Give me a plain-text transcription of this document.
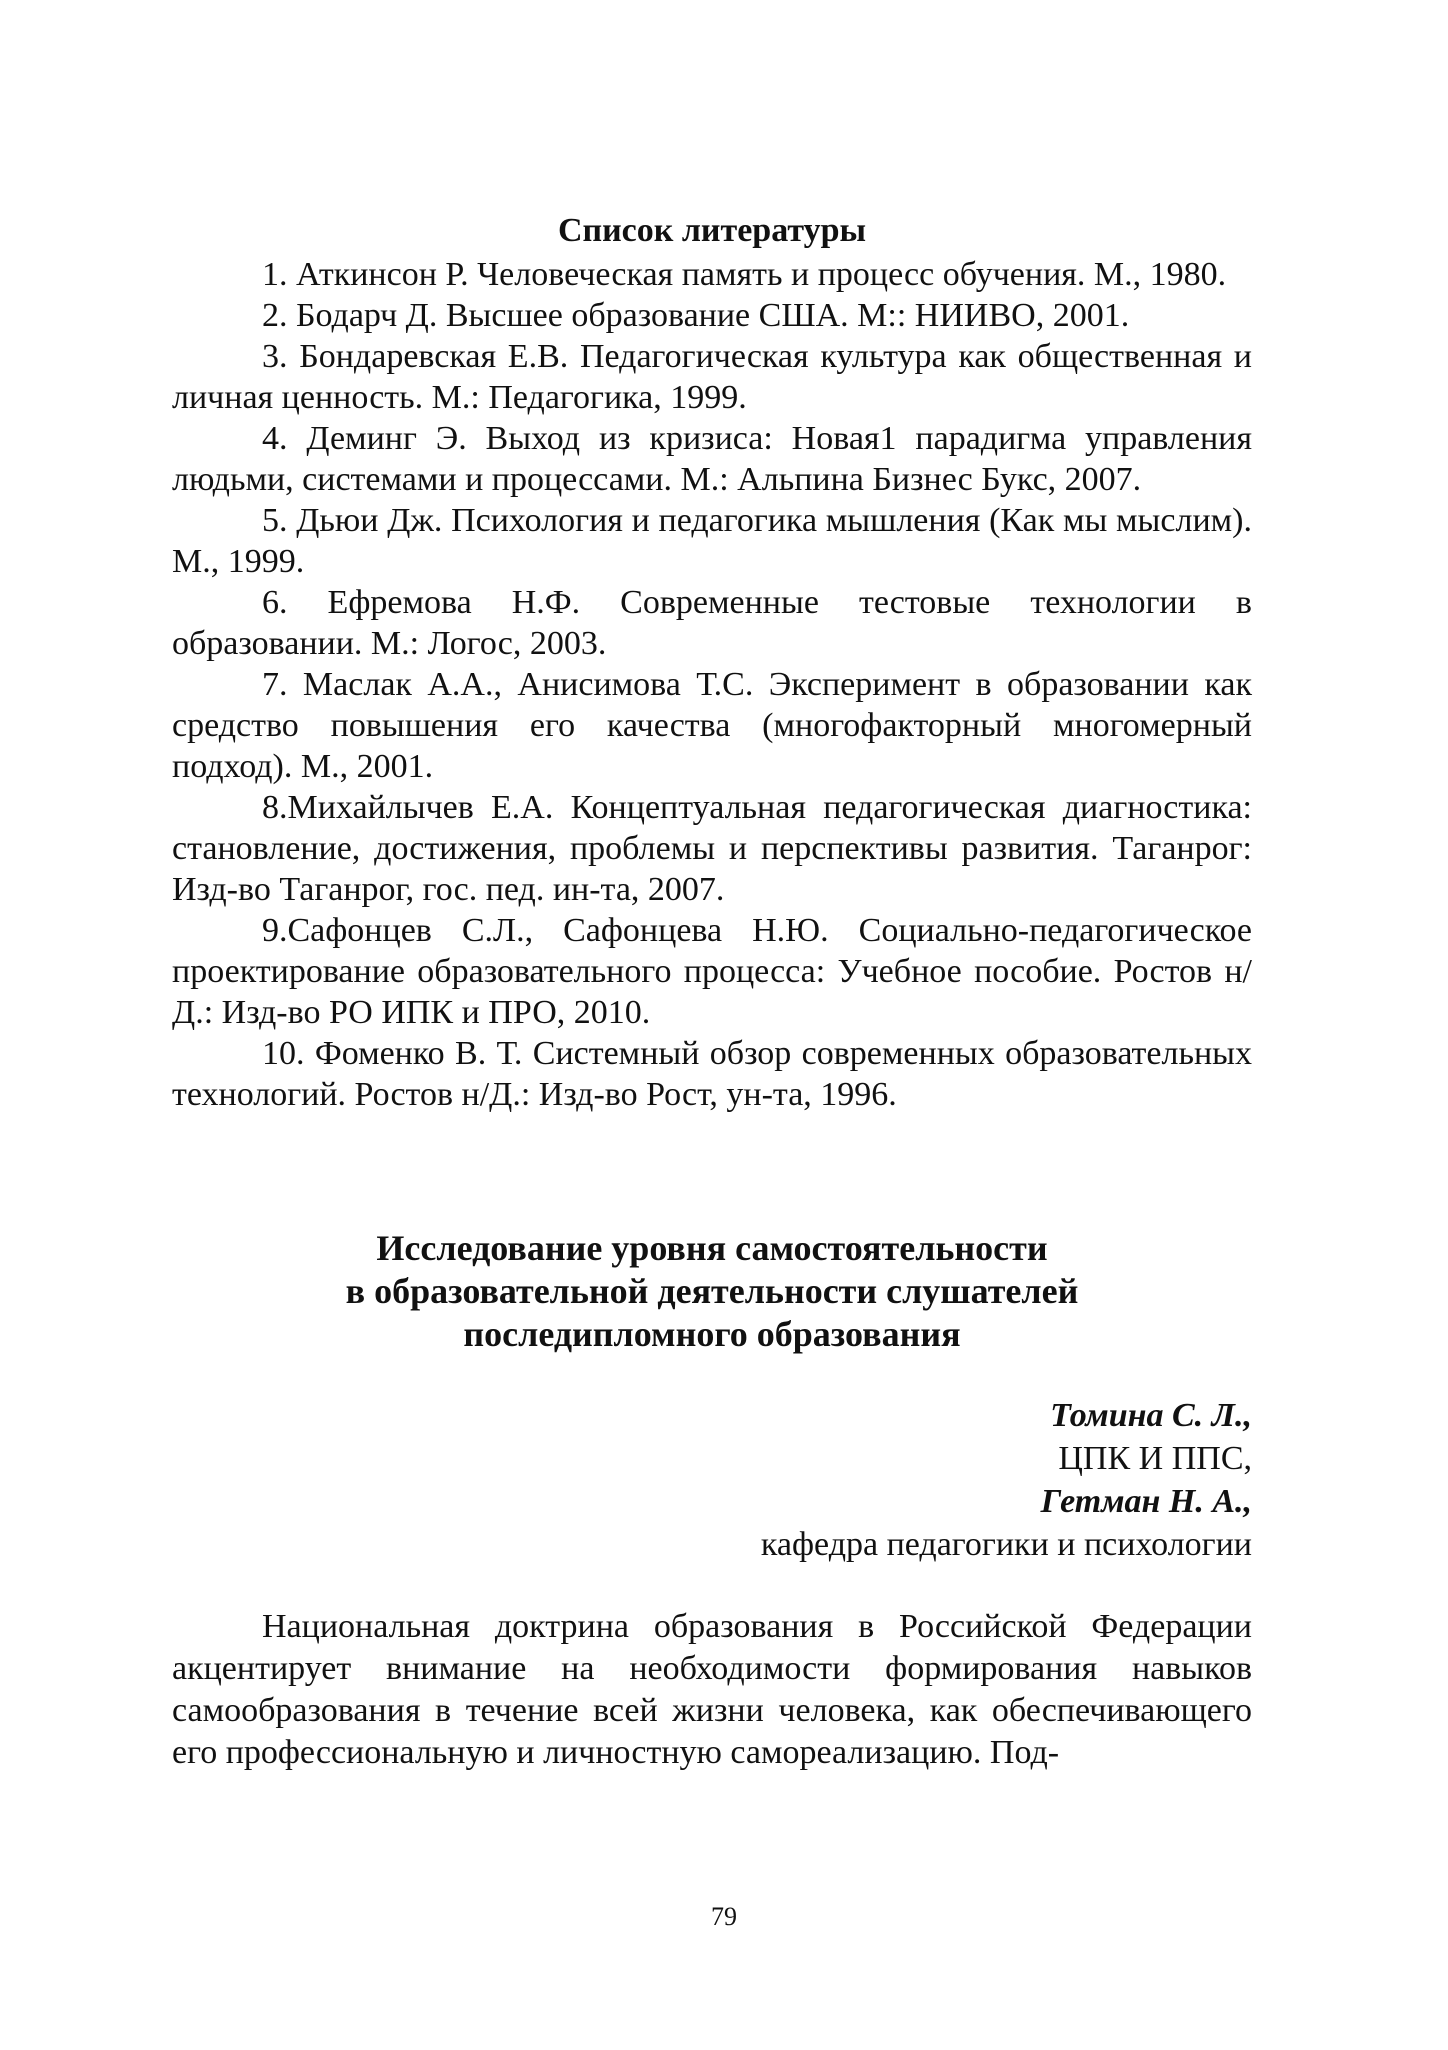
Список литературы

1. Аткинсон Р. Человеческая память и процесс обучения. М., 1980.

2. Бодарч Д. Высшее образование США. М:: НИИВО, 2001.

3. Бондаревская Е.В. Педагогическая культура как общественная и личная ценность. М.: Педагогика, 1999.

4. Деминг Э. Выход из кризиса: Новая1 парадигма управления людьми, системами и процессами. М.: Альпина Бизнес Букс, 2007.

5. Дьюи Дж. Психология и педагогика мышления (Как мы мыслим). М., 1999.

6. Ефремова Н.Ф. Современные тестовые технологии в образовании. М.: Логос, 2003.

7. Маслак А.А., Анисимова Т.С. Эксперимент в образовании как средство повышения его качества (многофакторный многомерный подход). М., 2001.

8.Михайлычев Е.А. Концептуальная педагогическая диагностика: становление, достижения, проблемы и перспективы развития. Таганрог: Изд-во Таганрог, гос. пед. ин-та, 2007.

9.Сафонцев С.Л., Сафонцева Н.Ю. Социально-педагогическое проектирование образовательного процесса: Учебное пособие. Ростов н/Д.: Изд-во РО ИПК и ПРО, 2010.

10. Фоменко В. Т. Системный обзор современных образовательных технологий. Ростов н/Д.: Изд-во Рост, ун-та, 1996.

Исследование уровня самостоятельности
в образовательной деятельности слушателей
последипломного образования
Томина С. Л.,
ЦПК И ППС,
Гетман Н. А.,
кафедра педагогики и психологии

Национальная доктрина образования в Российской Федерации акцентирует внимание на необходимости формирования навыков самообразования в течение всей жизни человека, как обеспечивающего его профессиональную и личностную самореализацию. Под-

79
